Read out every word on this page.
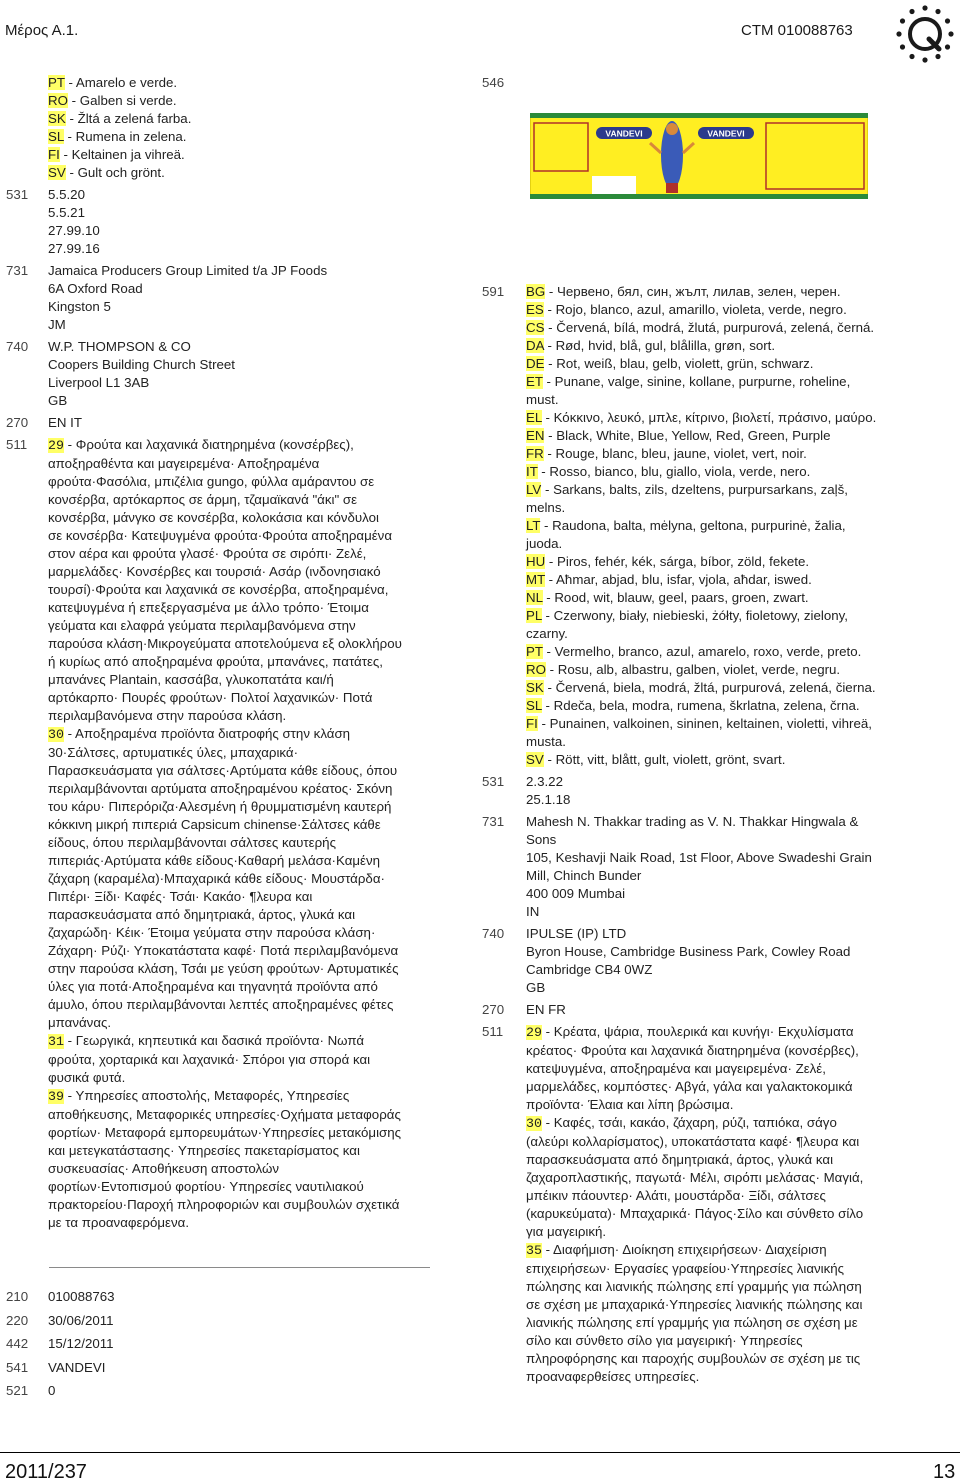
Μέρος Α.1.	CTM 010088763
PT - Amarelo e verde.
RO - Galben si verde.
SK - Žltá a zelená farba.
SL - Rumena in zelena.
FI - Keltainen ja vihreä.
SV - Gult och grönt.
531 5.5.20
5.5.21
27.99.10
27.99.16
731 Jamaica Producers Group Limited t/a JP Foods
6A Oxford Road
Kingston 5
JM
740 W.P. THOMPSON & CO
Coopers Building Church Street
Liverpool L1 3AB
GB
270 EN IT
511 29 - Φρούτα και λαχανικά διατηρημένα (κονσέρβες),
αποξηραθέντα και μαγειρεμένα· Αποξηραμένα
φρούτα·Φασόλια, μπιζέλια gungo, φύλλα αμάραντου σε
κονσέρβα, αρτόκαρπος σε άρμη, τζαμαϊκανά "άκι" σε
κονσέρβα, μάνγκο σε κονσέρβα, κολοκάσια και κόνδυλοι
σε κονσέρβα· Κατεψυγμένα φρούτα·Φρούτα αποξηραμένα
στον αέρα και φρούτα γλασέ· Φρούτα σε σιρόπι· Ζελέ,
μαρμελάδες· Κονσέρβες και τουρσιά· Ασάρ (ινδονησιακό
τουρσί)·Φρούτα και λαχανικά σε κονσέρβα, αποξηραμένα,
κατεψυγμένα ή επεξεργασμένα με άλλο τρόπο· Έτοιμα
γεύματα και ελαφρά γεύματα περιλαμβανόμενα στην
παρούσα κλάση·Μικρογεύματα αποτελούμενα εξ ολοκλήρου
ή κυρίως από αποξηραμένα φρούτα, μπανάνες, πατάτες,
μπανάνες Plantain, κασσάβα, γλυκοπατάτα και/ή
αρτόκαρπο· Πουρές φρούτων· Πολτοί λαχανικών· Ποτά
περιλαμβανόμενα στην παρούσα κλάση.
30 - Αποξηραμένα προϊόντα διατροφής στην κλάση
30·Σάλτσες, αρτυματικές ύλες, μπαχαρικά·
Παρασκευάσματα για σάλτσες·Αρτύματα κάθε είδους, όπου
περιλαμβάνονται αρτύματα αποξηραμένου κρέατος· Σκόνη
του κάρυ· Πιπερόριζα·Αλεσμένη ή θρυμματισμένη καυτερή
κόκκινη μικρή πιπεριά Capsicum chinense·Σάλτσες κάθε
είδους, όπου περιλαμβάνονται σάλτσες καυτερής
πιπεριάς·Αρτύματα κάθε είδους·Καθαρή μελάσα·Καμένη
ζάχαρη (καραμέλα)·Μπαχαρικά κάθε είδους· Μουστάρδα·
Πιπέρι· Ξίδι· Καφές· Τσάι· Κακάο· ¶λευρα και
παρασκευάσματα από δημητριακά, άρτος, γλυκά και
ζαχαρώδη· Κέικ· Έτοιμα γεύματα στην παρούσα κλάση·
Ζάχαρη· Ρύζι· Υποκατάστατα καφέ· Ποτά περιλαμβανόμενα
στην παρούσα κλάση, Τσάι με γεύση φρούτων· Αρτυματικές
ύλες για ποτά·Αποξηραμένα και τηγανητά προϊόντα από
άμυλο, όπου περιλαμβάνονται λεπτές αποξηραμένες φέτες
μπανάνας.
31 - Γεωργικά, κηπευτικά και δασικά προϊόντα· Νωπά
φρούτα, χορταρικά και λαχανικά· Σπόροι για σπορά και
φυσικά φυτά.
39 - Υπηρεσίες αποστολής, Μεταφορές, Υπηρεσίες
αποθήκευσης, Μεταφορικές υπηρεσίες·Οχήματα μεταφοράς
φορτίων· Μεταφορά εμπορευμάτων·Υπηρεσίες μετακόμισης
και μετεγκατάστασης· Υπηρεσίες πακεταρίσματος και
συσκευασίας· Αποθήκευση αποστολών
φορτίων·Εντοπισμού φορτίου· Υπηρεσίες ναυτιλιακού
πρακτορείου·Παροχή πληροφοριών και συμβουλών σχετικά
με τα προαναφερόμενα.
210 010088763
220 30/06/2011
442 15/12/2011
541 VANDEVI
521 0
546
591 BG - Червено, бял, син, жълт, лилав, зелен, черен.
ES - Rojo, blanco, azul, amarillo, violeta, verde, negro.
CS - Červená, bílá, modrá, žlutá, purpurová, zelená, černá.
DA - Rød, hvid, blå, gul, blålilla, grøn, sort.
DE - Rot, weiß, blau, gelb, violett, grün, schwarz.
ET - Punane, valge, sinine, kollane, purpurne, roheline,
must.
EL - Κόκκινο, λευκό, μπλε, κίτρινο, βιολετί, πράσινο, μαύρο.
EN - Black, White, Blue, Yellow, Red, Green, Purple
FR - Rouge, blanc, bleu, jaune, violet, vert, noir.
IT - Rosso, bianco, blu, giallo, viola, verde, nero.
LV - Sarkans, balts, zils, dzeltens, purpursarkans, zaļš,
melns.
LT - Raudona, balta, mėlyna, geltona, purpurinė, žalia,
juoda.
HU - Piros, fehér, kék, sárga, bíbor, zöld, fekete.
MT - Aħmar, abjad, blu, isfar, vjola, aħdar, iswed.
NL - Rood, wit, blauw, geel, paars, groen, zwart.
PL - Czerwony, biały, niebieski, żółty, fioletowy, zielony,
czarny.
PT - Vermelho, branco, azul, amarelo, roxo, verde, preto.
RO - Rosu, alb, albastru, galben, violet, verde, negru.
SK - Červená, biela, modrá, žltá, purpurová, zelená, čierna.
SL - Rdeča, bela, modra, rumena, škrlatna, zelena, črna.
FI - Punainen, valkoinen, sininen, keltainen, violetti, vihreä,
musta.
SV - Rött, vitt, blått, gult, violett, grönt, svart.
531 2.3.22
25.1.18
731 Mahesh N. Thakkar trading as V. N. Thakkar Hingwala &
Sons
105, Keshavji Naik Road, 1st Floor, Above Swadeshi Grain
Mill, Chinch Bunder
400 009 Mumbai
IN
740 IPULSE (IP) LTD
Byron House, Cambridge Business Park, Cowley Road
Cambridge CB4 0WZ
GB
270 EN FR
511 29 - Κρέατα, ψάρια, πουλερικά και κυνήγι· Εκχυλίσματα
κρέατος· Φρούτα και λαχανικά διατηρημένα (κονσέρβες),
κατεψυγμένα, αποξηραμένα και μαγειρεμένα· Ζελέ,
μαρμελάδες, κομπόστες· Αβγά, γάλα και γαλακτοκομικά
προϊόντα· Έλαια και λίπη βρώσιμα.
30 - Καφές, τσάι, κακάο, ζάχαρη, ρύζι, ταπιόκα, σάγο
(αλεύρι κολλαρίσματος), υποκατάστατα καφέ· ¶λευρα και
παρασκευάσματα από δημητριακά, άρτος, γλυκά και
ζαχαροπλαστικής, παγωτά· Μέλι, σιρόπι μελάσας· Μαγιά,
μπέικιν πάουντερ· Αλάτι, μουστάρδα· Ξίδι, σάλτσες
(καρυκεύματα)· Μπαχαρικά· Πάγος·Σίλο και σύνθετο σίλο
για μαγειρική.
35 - Διαφήμιση· Διοίκηση επιχειρήσεων· Διαχείριση
επιχειρήσεων· Εργασίες γραφείου·Υπηρεσίες λιανικής
πώλησης και λιανικής πώλησης επί γραμμής για πώληση
σε σχέση με μπαχαρικά·Υπηρεσίες λιανικής πώλησης και
λιανικής πώλησης επί γραμμής για πώληση σε σχέση με
σίλο και σύνθετο σίλο για μαγειρική· Υπηρεσίες
πληροφόρησης και παροχής συμβουλών σε σχέση με τις
προαναφερθείσες υπηρεσίες.
VANDEVI	VANDEVI
2011/237	13
